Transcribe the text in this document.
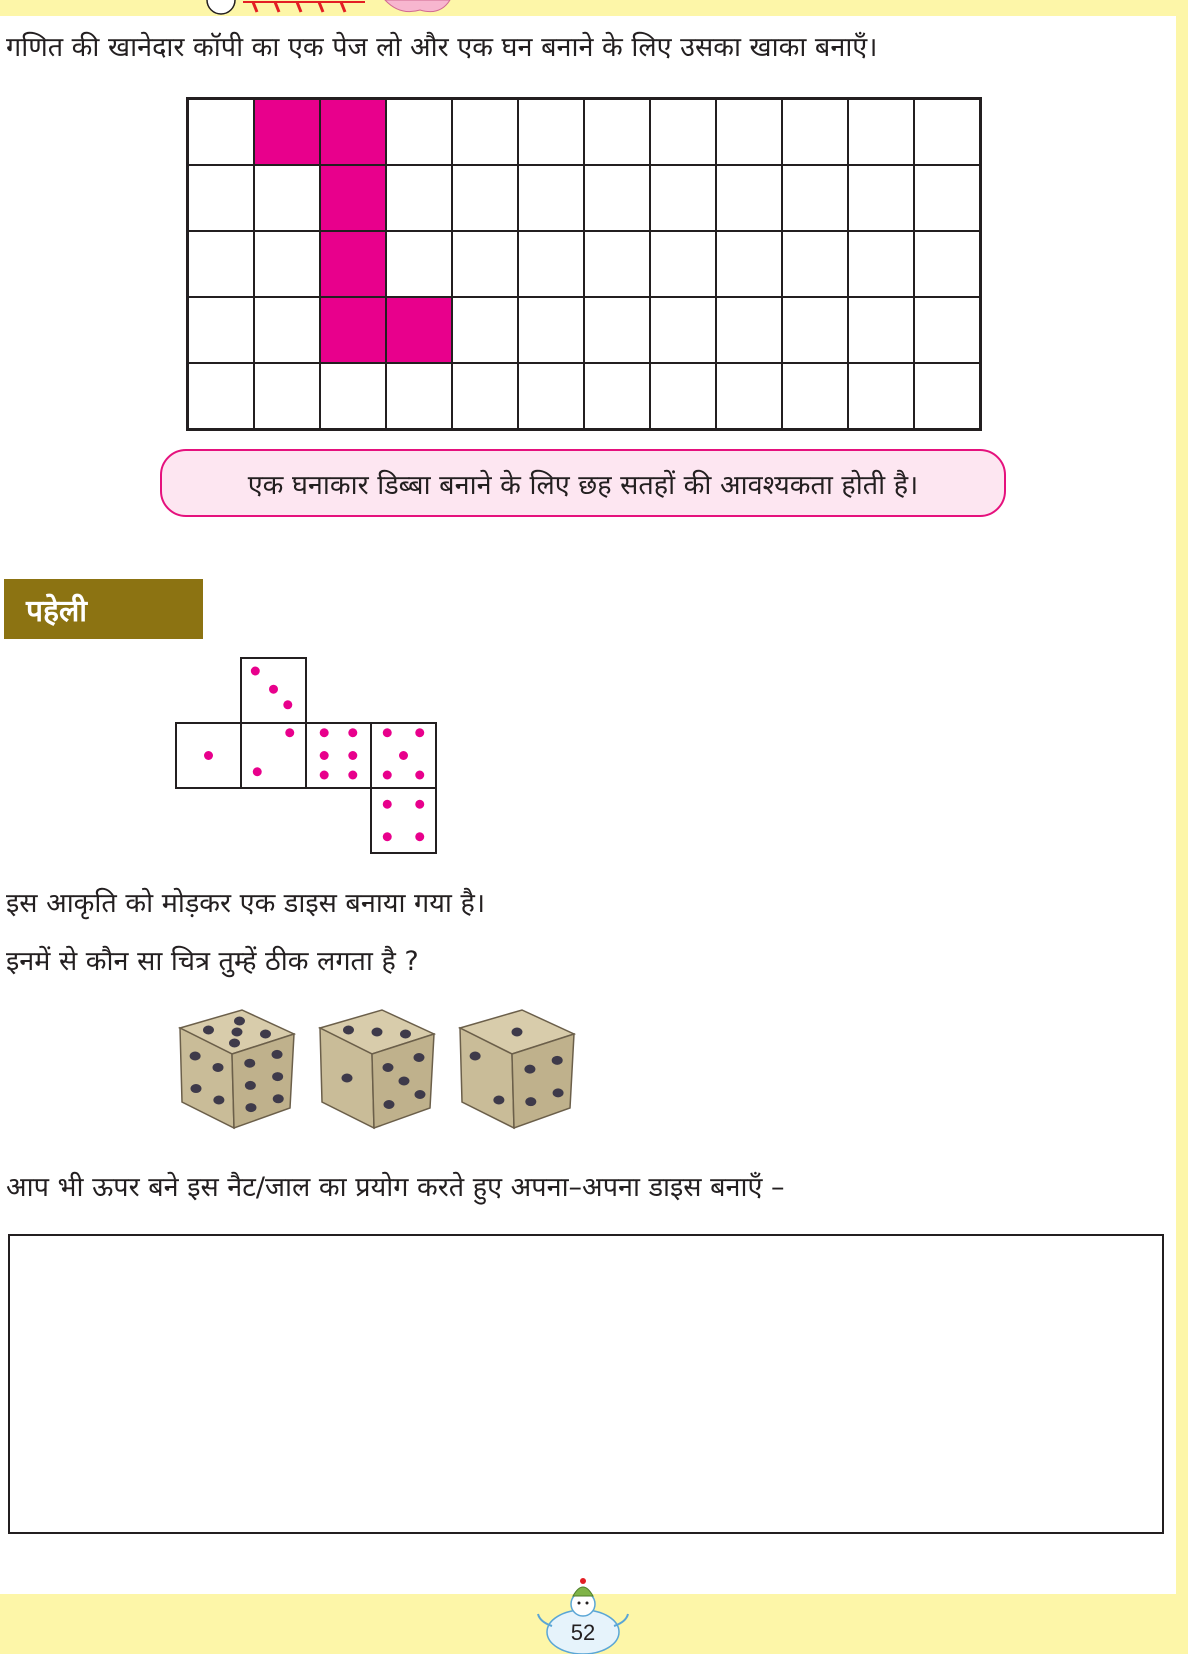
गणित की खानेदार कॉपी का एक पेज लो और एक घन बनाने के लिए उसका खाका बनाएँ।
एक घनाकार डिब्बा बनाने के लिए छह सतहों की आवश्यकता होती है।
पहेली
इस आकृति को मोड़कर एक डाइस बनाया गया है।
इनमें से कौन सा चित्र तुम्हें ठीक लगता है ?
आप भी ऊपर बने इस नैट/जाल का प्रयोग करते हुए अपना–अपना डाइस बनाएँ –
52
